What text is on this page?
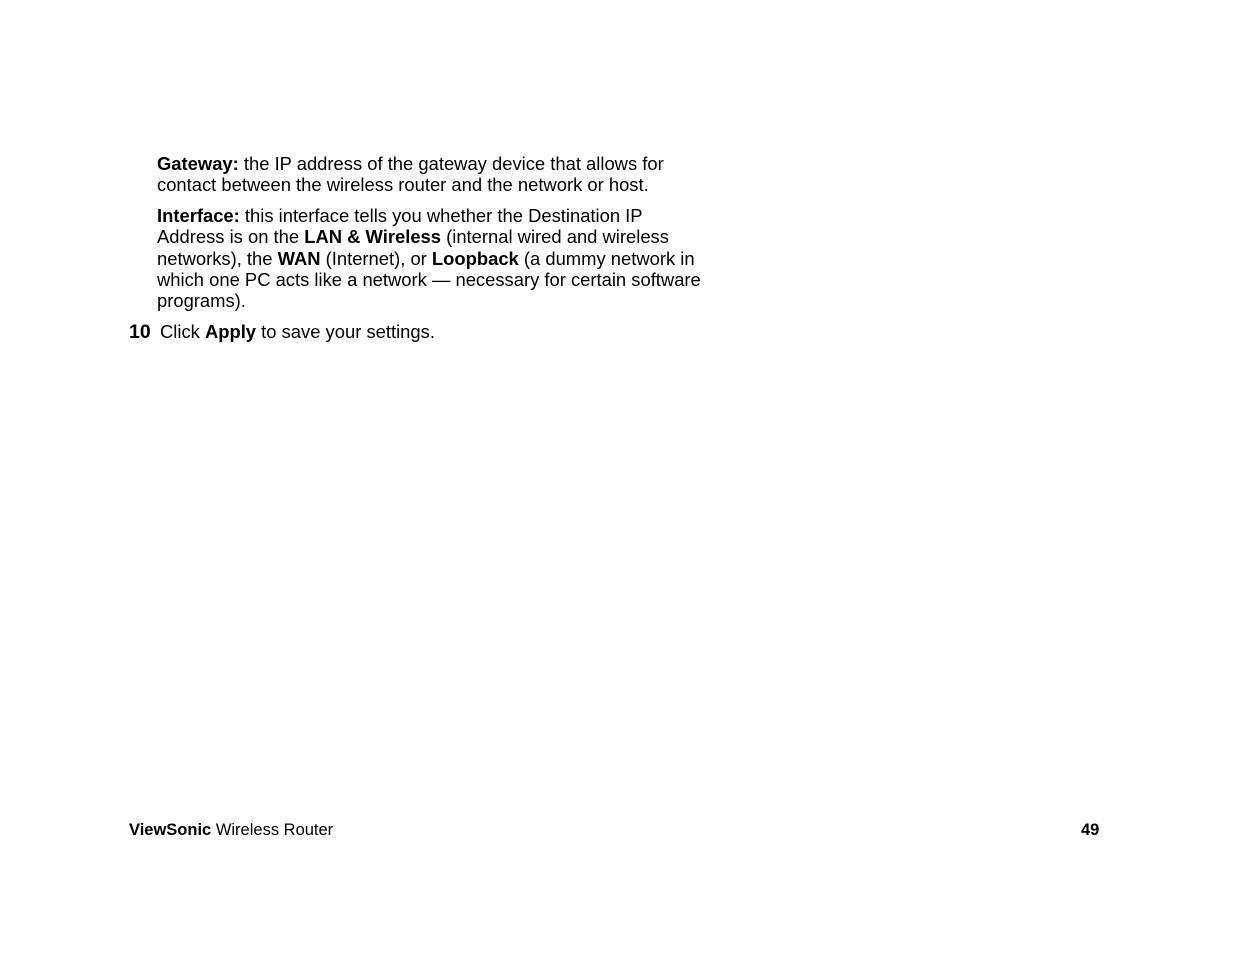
Gateway: the IP address of the gateway device that allows for contact between the wireless router and the network or host.

Interface: this interface tells you whether the Destination IP Address is on the LAN & Wireless (internal wired and wireless networks), the WAN (Internet), or Loopback (a dummy network in which one PC acts like a network — necessary for certain software programs).

10 Click Apply to save your settings.

ViewSonic Wireless Router	49
